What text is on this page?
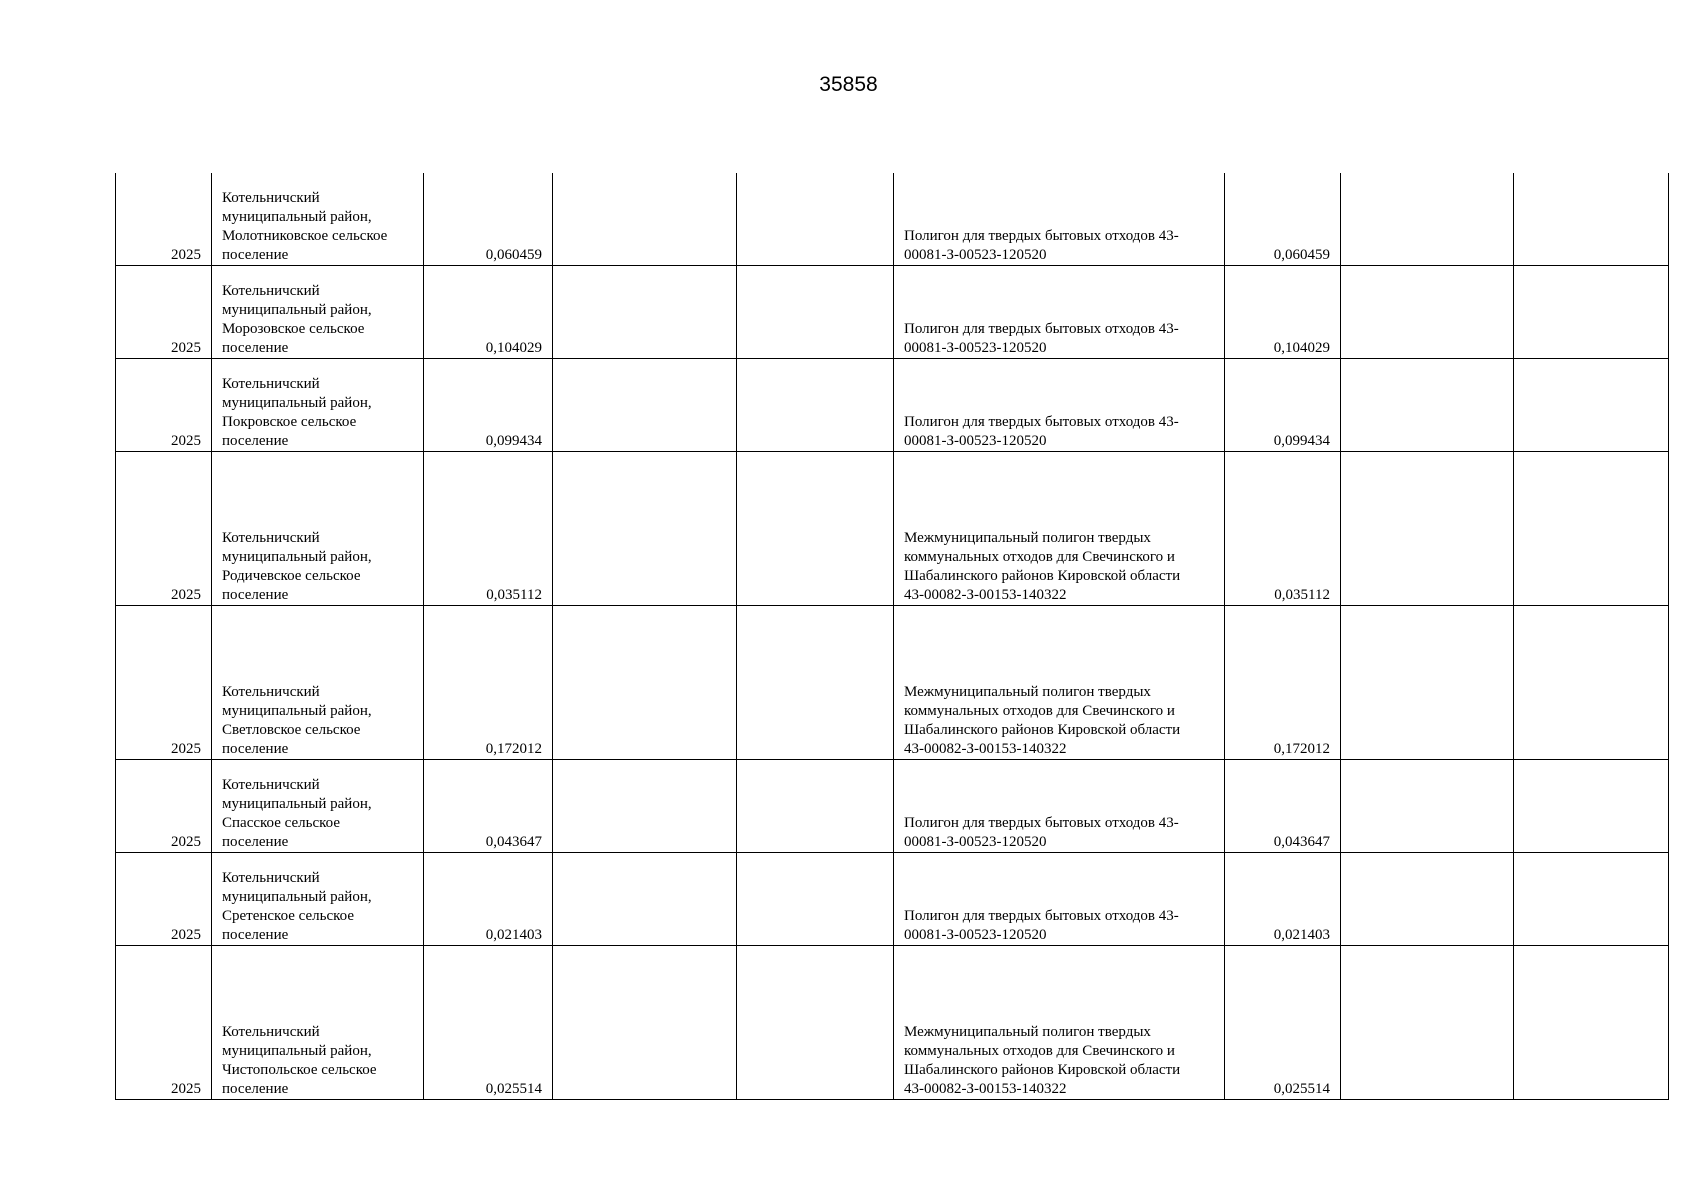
35858
2025	Котельничский
муниципальный район,
Молотниковское сельское
поселение	0,060459			Полигон для твердых бытовых отходов 43-
00081-З-00523-120520	0,060459		

2025	Котельничский
муниципальный район,
Морозовское сельское
поселение	0,104029			Полигон для твердых бытовых отходов 43-
00081-З-00523-120520	0,104029		

2025	Котельничский
муниципальный район,
Покровское сельское
поселение	0,099434			Полигон для твердых бытовых отходов 43-
00081-З-00523-120520	0,099434		

2025	Котельничский
муниципальный район,
Родичевское сельское
поселение	0,035112			Межмуниципальный полигон твердых
коммунальных отходов для Свечинского и
Шабалинского районов Кировской области
43-00082-З-00153-140322	0,035112		

2025	Котельничский
муниципальный район,
Светловское сельское
поселение	0,172012			Межмуниципальный полигон твердых
коммунальных отходов для Свечинского и
Шабалинского районов Кировской области
43-00082-З-00153-140322	0,172012		

2025	Котельничский
муниципальный район,
Спасское сельское
поселение	0,043647			Полигон для твердых бытовых отходов 43-
00081-З-00523-120520	0,043647		

2025	Котельничский
муниципальный район,
Сретенское сельское
поселение	0,021403			Полигон для твердых бытовых отходов 43-
00081-З-00523-120520	0,021403		

2025	Котельничский
муниципальный район,
Чистопольское сельское
поселение	0,025514			Межмуниципальный полигон твердых
коммунальных отходов для Свечинского и
Шабалинского районов Кировской области
43-00082-З-00153-140322	0,025514		
